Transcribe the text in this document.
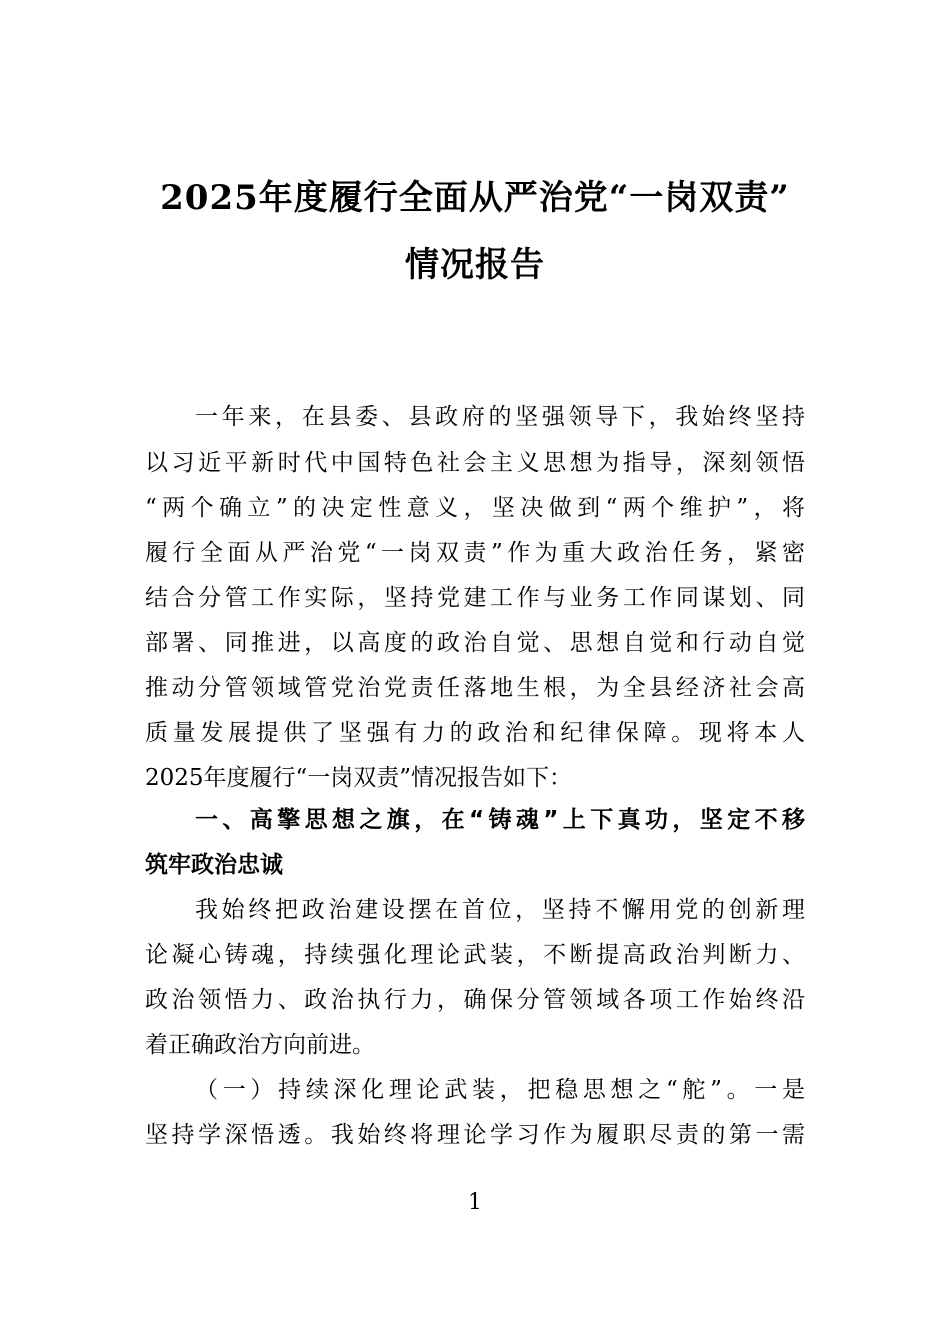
2025年度履行全面从严治党“一岗双责”
情况报告
一年来，在县委、县政府的坚强领导下，我始终坚持
以习近平新时代中国特色社会主义思想为指导，深刻领悟
“两个确立”的决定性意义，坚决做到“两个维护”，将
履行全面从严治党“一岗双责”作为重大政治任务，紧密
结合分管工作实际，坚持党建工作与业务工作同谋划、同
部署、同推进，以高度的政治自觉、思想自觉和行动自觉
推动分管领域管党治党责任落地生根，为全县经济社会高
质量发展提供了坚强有力的政治和纪律保障。现将本人
2025年度履行“一岗双责”情况报告如下：
一、高擎思想之旗，在“铸魂”上下真功，坚定不移
筑牢政治忠诚
我始终把政治建设摆在首位，坚持不懈用党的创新理
论凝心铸魂，持续强化理论武装，不断提高政治判断力、
政治领悟力、政治执行力，确保分管领域各项工作始终沿
着正确政治方向前进。
（一）持续深化理论武装，把稳思想之“舵”。一是
坚持学深悟透。我始终将理论学习作为履职尽责的第一需
1
